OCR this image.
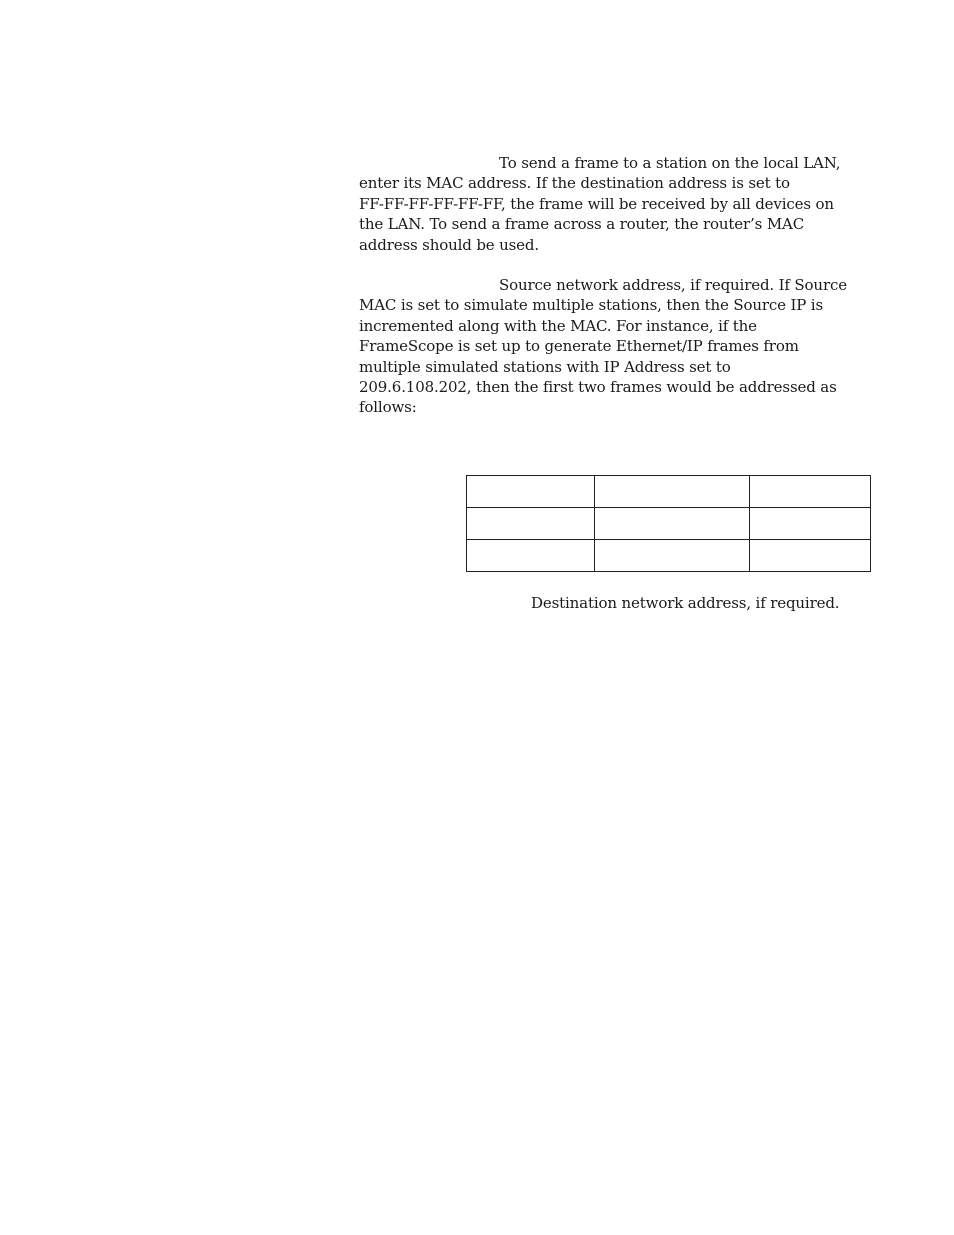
To send a frame to a station on the local LAN,
enter its MAC address. If the destination address is set to
FF-FF-FF-FF-FF-FF, the frame will be received by all devices on
the LAN. To send a frame across a router, the router’s MAC
address should be used.
Source network address, if required. If Source
MAC is set to simulate multiple stations, then the Source IP is
incremented along with the MAC. For instance, if the
FrameScope is set up to generate Ethernet/IP frames from
multiple simulated stations with IP Address set to
209.6.108.202, then the first two frames would be addressed as
follows:

Destination network address, if required.
